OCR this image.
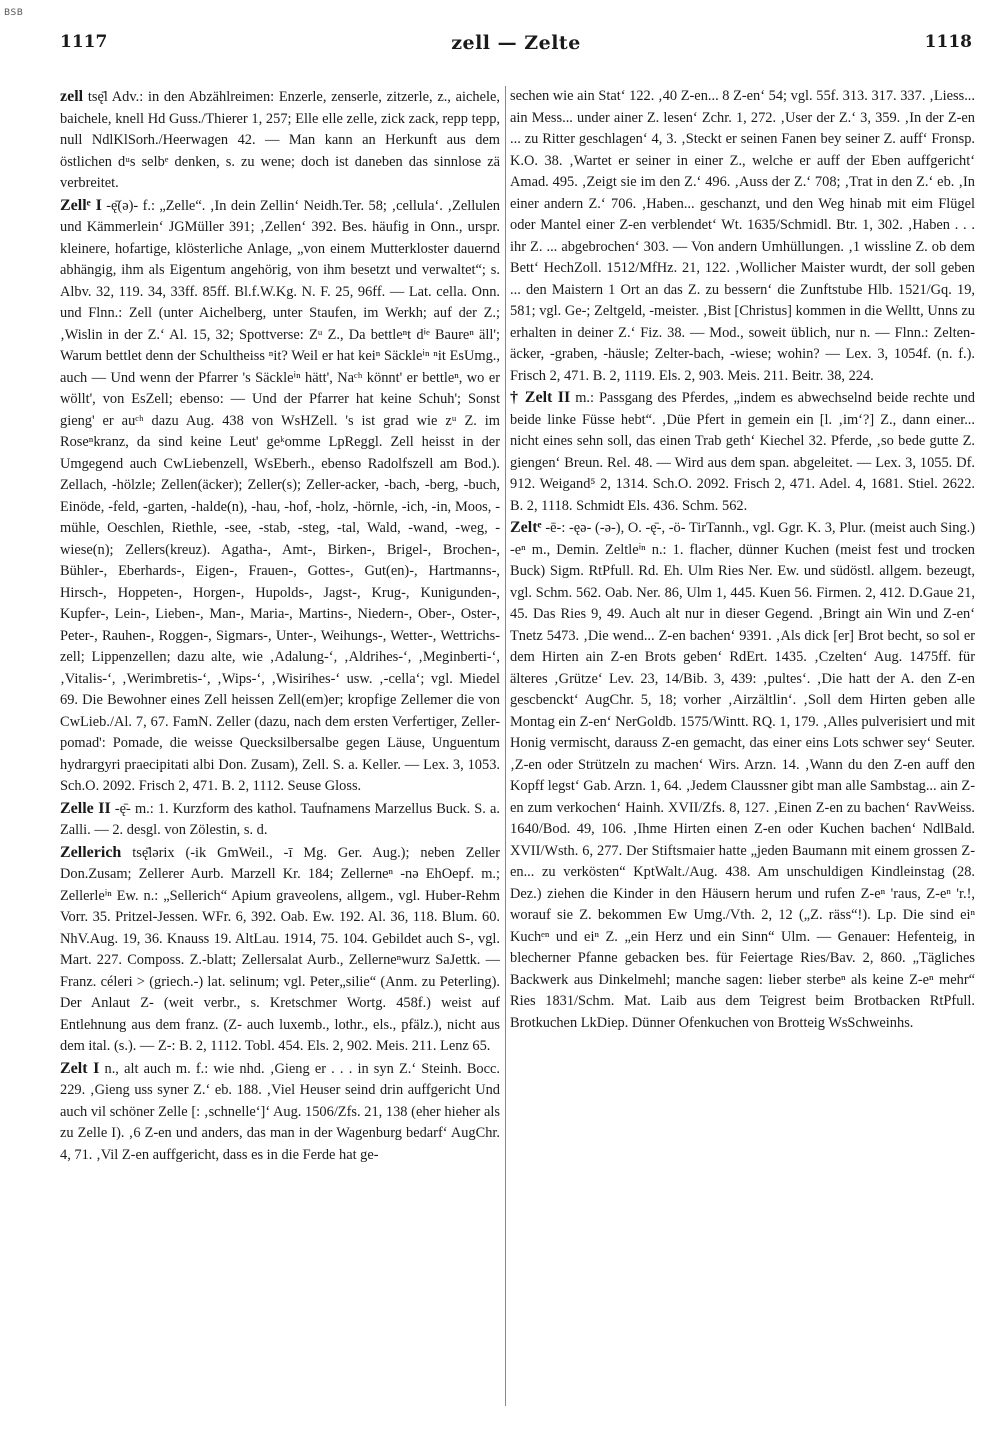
BSB
1117	zell — Zelte	1118

zell tsę̄l Adv.: in den Abzählreimen: Enzerle, zenserle, zitzerle, z., aichele, baichele, knell Hd Guss./Thierer 1, 257; Elle elle zelle, zick zack, repp tepp, null NdlKlSorh./Heerwagen 42. — Man kann an Herkunft aus dem östlichen dᵘs selbᵉ denken, s. zu wene; doch ist daneben das sinnlose zä verbreitet.

Zellᵉ I -ę̄(ə)- f.: „Zelle“. ‚In dein Zellin‘ Neidh.Ter. 58; ‚cellula‘. ‚Zellulen und Kämmerlein‘ JGMüller 391; ‚Zellen‘ 392. Bes. häufig in Onn., urspr. kleinere, hofartige, klösterliche Anlage, „von einem Mutterkloster dauernd abhängig, ihm als Eigentum angehörig, von ihm besetzt und verwaltet“; s. Albv. 32, 119. 34, 33ff. 85ff. Bl.f.W.Kg. N. F. 25, 96ff. — Lat. cella. Onn. und Flnn.: Zell (unter Aichelberg, unter Staufen, im Werkh; auf der Z.; ‚Wislin in der Z.‘ Al. 15, 32; Spottverse: Zᵘ Z., Da bettleⁿt dⁱᵉ Baureⁿ äll'; Warum bettlet denn der Schultheiss ⁿit? Weil er hat keiⁿ Säckleⁱⁿ ⁿit EsUmg., auch — Und wenn der Pfarrer 's Säckleⁱⁿ hätt', Naᶜʰ könnt' er bettleⁿ, wo er wöllt', von EsZell; ebenso: — Und der Pfarrer hat keine Schuh'; Sonst gieng' er auᶜʰ dazu Aug. 438 von WsHZell. 's ist grad wie zᵘ Z. im Roseⁿkranz, da sind keine Leut' geᵏomme LpReggl. Zell heisst in der Umgegend auch CwLiebenzell, WsEberh., ebenso Radolfszell am Bod.). Zellach, -hölzle; Zellen(äcker); Zeller(s); Zeller-acker, -bach, -berg, -buch, Einöde, -feld, -garten, -halde(n), -hau, -hof, -holz, -hörnle, -ich, -in, Moos, -mühle, Oeschlen, Riethle, -see, -stab, -steg, -tal, Wald, -wand, -weg, -wiese(n); Zellers(kreuz). Agatha-, Amt-, Birken-, Brigel-, Brochen-, Bühler-, Eberhards-, Eigen-, Frauen-, Gottes-, Gut(en)-, Hartmanns-, Hirsch-, Hoppeten-, Horgen-, Hupolds-, Jagst-, Krug-, Kunigunden-, Kupfer-, Lein-, Lieben-, Man-, Maria-, Martins-, Niedern-, Ober-, Oster-, Peter-, Rauhen-, Roggen-, Sigmars-, Unter-, Weihungs-, Wetter-, Wettrichs-zell; Lippenzellen; dazu alte, wie ‚Adalung-‘, ‚Aldrihes-‘, ‚Meginberti-‘, ‚Vitalis-‘, ‚Werimbretis-‘, ‚Wips-‘, ‚Wisirihes-‘ usw. ‚-cella‘; vgl. Miedel 69. Die Bewohner eines Zell heissen Zell(em)er; kropfige Zellemer die von CwLieb./Al. 7, 67. FamN. Zeller (dazu, nach dem ersten Verfertiger, Zeller-pomad': Pomade, die weisse Quecksilbersalbe gegen Läuse, Unguentum hydrargyri praecipitati albi Don. Zusam), Zell. S. a. Keller. — Lex. 3, 1053. Sch.O. 2092. Frisch 2, 471. B. 2, 1112. Seuse Gloss.

Zelle II -ę̄- m.: 1. Kurzform des kathol. Taufnamens Marzellus Buck. S. a. Zalli. — 2. desgl. von Zölestin, s. d.

Zellerich tsę̄lərix (-ik GmWeil., -ī Mg. Ger. Aug.); neben Zeller Don.Zusam; Zellerer Aurb. Marzell Kr. 184; Zellerneⁿ -nə EhOepf. m.; Zellerleⁱⁿ Ew. n.: „Sellerich“ Apium graveolens, allgem., vgl. Huber-Rehm Vorr. 35. Pritzel-Jessen. WFr. 6, 392. Oab. Ew. 192. Al. 36, 118. Blum. 60. NhV.Aug. 19, 36. Knauss 19. AltLau. 1914, 75. 104. Gebildet auch S-, vgl. Mart. 227. Composs. Z.-blatt; Zellersalat Aurb., Zellerneⁿwurz SaJettk. — Franz. céleri > (griech.-) lat. selinum; vgl. Peter„silie“ (Anm. zu Peterling). Der Anlaut Z- (weit verbr., s. Kretschmer Wortg. 458f.) weist auf Entlehnung aus dem franz. (Z- auch luxemb., lothr., els., pfälz.), nicht aus dem ital. (s.). — Z-: B. 2, 1112. Tobl. 454. Els. 2, 902. Meis. 211. Lenz 65.

Zelt I n., alt auch m. f.: wie nhd. ‚Gieng er . . . in syn Z.‘ Steinh. Bocc. 229. ‚Gieng uss syner Z.‘ eb. 188. ‚Viel Heuser seind drin auffgericht Und auch vil schöner Zelle [: ‚schnelle‘]‘ Aug. 1506/Zfs. 21, 138 (eher hieher als zu Zelle I). ‚6 Z-en und anders, das man in der Wagenburg bedarf‘ AugChr. 4, 71. ‚Vil Z-en auffgericht, dass es in die Ferde hat ge-

sechen wie ain Stat‘ 122. ‚40 Z-en... 8 Z-en‘ 54; vgl. 55f. 313. 317. 337. ‚Liess... ain Mess... under ainer Z. lesen‘ Zchr. 1, 272. ‚User der Z.‘ 3, 359. ‚In der Z-en ... zu Ritter geschlagen‘ 4, 3. ‚Steckt er seinen Fanen bey seiner Z. auff‘ Fronsp. K.O. 38. ‚Wartet er seiner in einer Z., welche er auff der Eben auffgericht‘ Amad. 495. ‚Zeigt sie im den Z.‘ 496. ‚Auss der Z.‘ 708; ‚Trat in den Z.‘ eb. ‚In einer andern Z.‘ 706. ‚Haben... geschanzt, und den Weg hinab mit eim Flügel oder Mantel einer Z-en verblendet‘ Wt. 1635/Schmidl. Btr. 1, 302. ‚Haben . . . ihr Z. ... abgebrochen‘ 303. — Von andern Umhüllungen. ‚1 wissline Z. ob dem Bett‘ HechZoll. 1512/MfHz. 21, 122. ‚Wollicher Maister wurdt, der soll geben ... den Maistern 1 Ort an das Z. zu bessern‘ die Zunftstube Hlb. 1521/Gq. 19, 581; vgl. Ge-; Zeltgeld, -meister. ‚Bist [Christus] kommen in die Welltt, Unns zu erhalten in deiner Z.‘ Fiz. 38. — Mod., soweit üblich, nur n. — Flnn.: Zelten-äcker, -graben, -häusle; Zelter-bach, -wiese; wohin? — Lex. 3, 1054f. (n. f.). Frisch 2, 471. B. 2, 1119. Els. 2, 903. Meis. 211. Beitr. 38, 224.

† Zelt II m.: Passgang des Pferdes, „indem es abwechselnd beide rechte und beide linke Füsse hebt“. ‚Düe Pfert in gemein ein [l. ‚im‘?] Z., dann einer... nicht eines sehn soll, das einen Trab geth‘ Kiechel 32. Pferde, ‚so bede gutte Z. giengen‘ Breun. Rel. 48. — Wird aus dem span. abgeleitet. — Lex. 3, 1055. Df. 912. Weigand⁵ 2, 1314. Sch.O. 2092. Frisch 2, 471. Adel. 4, 1681. Stiel. 2622. B. 2, 1118. Schmidt Els. 436. Schm. 562.

Zeltᵉ -ē-: -ęə- (-ə-), O. -ę̄-, -ö- TirTannh., vgl. Ggr. K. 3, Plur. (meist auch Sing.) -eⁿ m., Demin. Zeltleⁱⁿ n.: 1. flacher, dünner Kuchen (meist fest und trocken Buck) Sigm. RtPfull. Rd. Eh. Ulm Ries Ner. Ew. und südöstl. allgem. bezeugt, vgl. Schm. 562. Oab. Ner. 86, Ulm 1, 445. Kuen 56. Firmen. 2, 412. D.Gaue 21, 45. Das Ries 9, 49. Auch alt nur in dieser Gegend. ‚Bringt ain Win und Z-en‘ Tnetz 5473. ‚Die wend... Z-en bachen‘ 9391. ‚Als dick [er] Brot becht, so sol er dem Hirten ain Z-en Brots geben‘ RdErt. 1435. ‚Czelten‘ Aug. 1475ff. für älteres ‚Grütze‘ Lev. 23, 14/Bib. 3, 439: ‚pultes‘. ‚Die hatt der A. den Z-en gescbenckt‘ AugChr. 5, 18; vorher ‚Airzältlin‘. ‚Soll dem Hirten geben alle Montag ein Z-en‘ NerGoldb. 1575/Wintt. RQ. 1, 179. ‚Alles pulverisiert und mit Honig vermischt, darauss Z-en gemacht, das einer eins Lots schwer sey‘ Seuter. ‚Z-en oder Strützeln zu machen‘ Wirs. Arzn. 14. ‚Wann du den Z-en auff den Kopff legst‘ Gab. Arzn. 1, 64. ‚Jedem Claussner gibt man alle Sambstag... ain Z-en zum verkochen‘ Hainh. XVII/Zfs. 8, 127. ‚Einen Z-en zu bachen‘ RavWeiss. 1640/Bod. 49, 106. ‚Ihme Hirten einen Z-en oder Kuchen bachen‘ NdlBald. XVII/Wsth. 6, 277. Der Stiftsmaier hatte „jeden Baumann mit einem grossen Z-en... zu verkösten“ KptWalt./Aug. 438. Am unschuldigen Kindleinstag (28. Dez.) ziehen die Kinder in den Häusern herum und rufen Z-eⁿ 'raus, Z-eⁿ 'r.!, worauf sie Z. bekommen Ew Umg./Vth. 2, 12 („Z. räss“!). Lp. Die sind eiⁿ Kuchᵉⁿ und eiⁿ Z. „ein Herz und ein Sinn“ Ulm. — Genauer: Hefenteig, in blecherner Pfanne gebacken bes. für Feiertage Ries/Bav. 2, 860. „Tägliches Backwerk aus Dinkelmehl; manche sagen: lieber sterbeⁿ als keine Z-eⁿ mehr“ Ries 1831/Schm. Mat. Laib aus dem Teigrest beim Brotbacken RtPfull. Brotkuchen LkDiep. Dünner Ofenkuchen von Brotteig WsSchweinhs.
